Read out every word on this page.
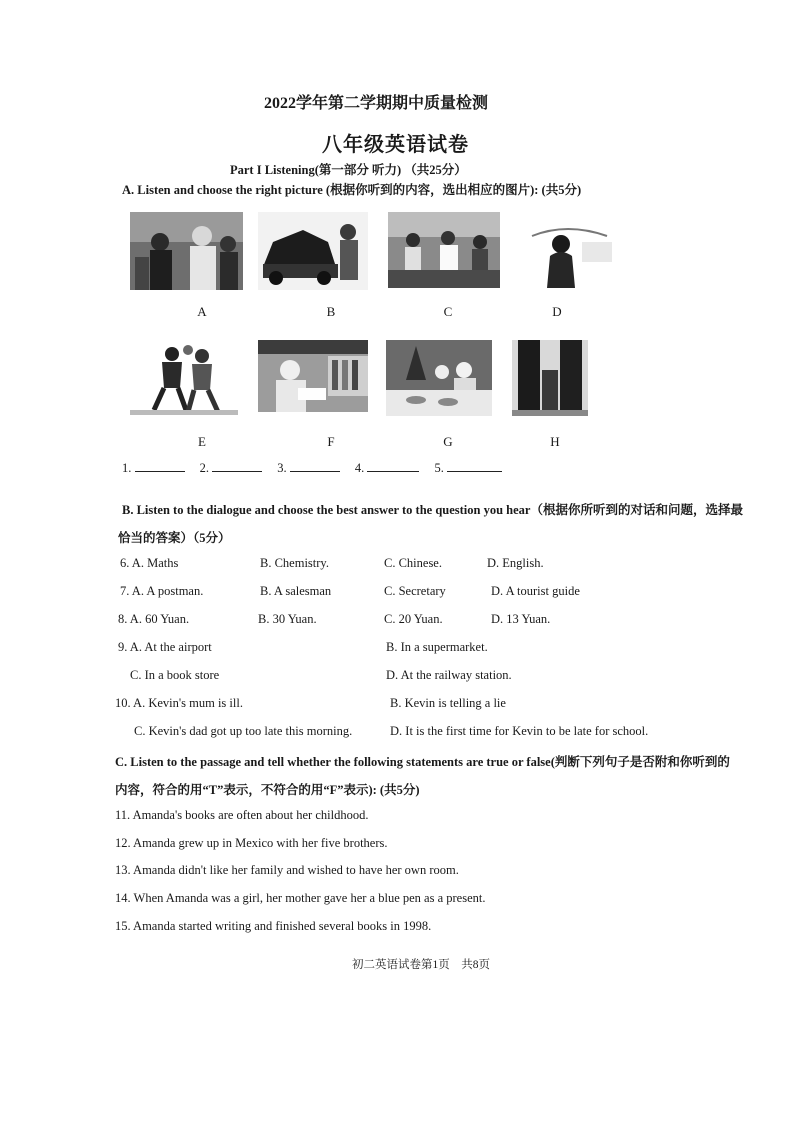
2022学年第二学期期中质量检测
八年级英语试卷
Part I Listening(第一部分 听力) （共25分）
A. Listen and choose the right picture (根据你听到的内容，选出相应的图片): (共5分)
A	B	C	D
E	F	G	H
1.	2.	3.	4.	5.
B. Listen to the dialogue and choose the best answer to the question you hear（根据你所听到的对话和问题，选择最
恰当的答案）（5分）
6. A. Maths	B. Chemistry.	C. Chinese.	D. English.
7. A. A postman.	B. A salesman	C. Secretary	D. A tourist guide
8. A. 60 Yuan.	B. 30 Yuan.	C. 20 Yuan.	D. 13 Yuan.
9. A. At the airport	B. In a supermarket.
C. In a book store	D. At the railway station.
10. A. Kevin's mum is ill.	B. Kevin is telling a lie
C. Kevin's dad got up too late this morning.	D. It is the first time for Kevin to be late for school.
C. Listen to the passage and tell whether the following statements are true or false(判断下列句子是否附和你听到的
内容，符合的用“T”表示，不符合的用“F”表示): (共5分)
11. Amanda's books are often about her childhood.
12. Amanda grew up in Mexico with her five brothers.
13. Amanda didn't like her family and wished to have her own room.
14. When Amanda was a girl, her mother gave her a blue pen as a present.
15. Amanda started writing and finished several books in 1998.
初二英语试卷第1页　共8页
